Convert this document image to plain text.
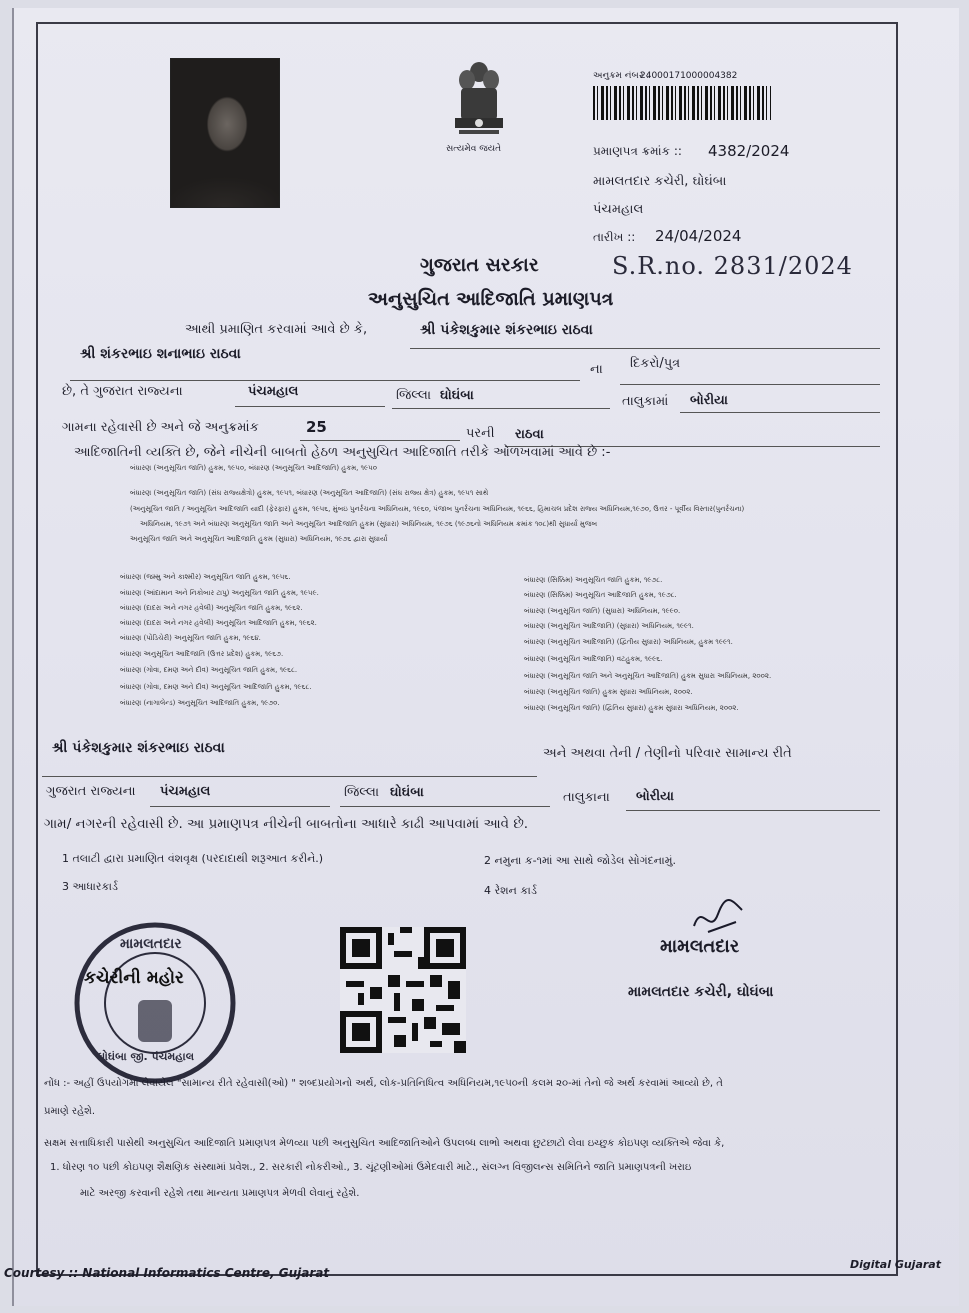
સત્યમેવ જયતે
અનુક્રમ નંબર :
24000171000004382
પ્રમાણપત્ર ક્રમાંક :: 4382/2024
મામલતદાર કચેરી, ઘોઘંબા
પંચમહાલ
તારીખ :: 24/04/2024
ગુજરાત સરકાર	S.R.no. 2831/2024
અનુસુચિત આદિજાતિ પ્રમાણપત્ર
આથી પ્રમાણિત કરવામાં આવે છે કે,	શ્રી પંકેશકુમાર શંકરભાઇ રાઠવા
શ્રી શંકરભાઇ શનાભાઇ રાઠવા
ના દિકરો/પુત્ર
છે, તે ગુજરાત રાજ્યના	પંચમહાલ	જિલ્લા ઘોઘંબા	તાલુકામાં બોરીયા
ગામના રહેવાસી છે અને જે અનુક્રમાંક	25	પરની રાઠવા
આદિજાતિની વ્યક્તિ છે, જેને નીચેની બાબતો હેઠળ અનુસુચિત આદિજાતિ તરીકે ઓળખવામાં આવે છે :-
બંધારણ (અનુસૂચિત જાતિ) હુકમ, ૧૯૫૦, બંધારણ (અનુસૂચિત આદિજાતિ) હુકમ, ૧૯૫૦
બંધારણ (અનુસૂચિત જાતિ) (સંઘ રાજ્યક્ષેત્રો) હુકમ, ૧૯૫૧, બંધારણ (અનુસૂચિત આદિજાતિ) (સંઘ રાજ્ય ક્ષેત્ર) હુકમ, ૧૯૫૧ સાથે
(અનુસૂચિત જાતિ / અનુસૂચિત આદિજાતિ યાદી (ફેરફાર) હુકમ, ૧૯૫૬, મુંબઇ પુનર્રચના અધિનિયમ, ૧૯૬૦, પંજાબ પુનર્રચના અધિનિયમ, ૧૯૬૬, હિમાચલ પ્રદેશ રાજ્ય અધિનિયમ,૧૯૭૦, ઉત્તર - પૂર્વીય વિસ્તાર(પુનર્રચના)
અધિનિયમ, ૧૯૭૧ અને બંધારણ અનુસૂચિત જાતિ અને અનુસૂચિત આદિજાતિ હુકમ (સુધારા) અધિનિયમ, ૧૯૭૬ (૧૯૭૬નો અધિનિયમ ક્રમાંક ૧૦૮)થી સુધાર્યા મુજબ
અનુસૂચિત જાતિ અને અનુસૂચિત આદિજાતિ હુકમ (સુધારા) અધિનિયમ, ૧૯૭૬ દ્વારા સુધાર્યા
બંધારણ (જમ્મુ અને કાશ્મીર) અનુસૂચિત જાતિ હુકમ, ૧૯૫૬.
બંધારણ (આંદામાન અને નિકોબાર ટાપુ) અનુસૂચિત જાતિ હુકમ, ૧૯૫૯.
બંધારણ (દાદરા અને નગર હવેલી) અનુસૂચિત જાતિ હુકમ, ૧૯૬૨.
બંધારણ (દાદરા અને નગર હવેલી) અનુસૂચિત આદિજાતિ હુકમ, ૧૯૬૨.
બંધારણ (પોંડિચેરી) અનુસૂચિત જાતિ હુકમ, ૧૯૬૪.
બંધારણ અનુસૂચિત આદિજાતિ (ઉત્તર પ્રદેશ) હુકમ, ૧૯૬૭.
બંધારણ (ગોવા, દમણ અને દીવ) અનુસૂચિત જાતિ હુકમ, ૧૯૬૮.
બંધારણ (ગોવા, દમણ અને દીવ) અનુસૂચિત આદિજાતિ હુકમ, ૧૯૬૮.
બંધારણ (નાગાલેન્ડ) અનુસૂચિત આદિજાતિ હુકમ, ૧૯૭૦.
બંધારણ (સિક્કિમ) અનુસૂચિત જાતિ હુકમ, ૧૯૭૮.
બંધારણ (સિક્કિમ) અનુસૂચિત આદિજાતિ હુકમ, ૧૯૭૮.
બંધારણ (અનુસૂચિત જાતિ) (સુધારા) અધિનિયમ, ૧૯૯૦.
બંધારણ (અનુસૂચિત આદિજાતિ) (સુધારા) અધિનિયમ, ૧૯૯૧.
બંધારણ (અનુસૂચિત આદિજાતિ) (દ્વિતીય સુધારા) અધિનિયમ, હુકમ ૧૯૯૧.
બંધારણ (અનુસૂચિત આદિજાતિ) વટહુકમ, ૧૯૯૬.
બંધારણ (અનુસૂચિત જાતિ અને અનુસૂચિત આદિજાતિ) હુકમ સુધારા અધિનિયમ, ૨૦૦૨.
બંધારણ (અનુસૂચિત જાતિ) હુકમ સુધારા અધિનિયમ, ૨૦૦૨.
બંધારણ (અનુસૂચિત જાતિ) (દ્વિતિય સુધારા) હુકમ સુધારા અધિનિયમ, ૨૦૦૨.
શ્રી પંકેશકુમાર શંકરભાઇ રાઠવા	અને અથવા તેની / તેણીનો પરિવાર સામાન્ય રીતે
ગુજરાત રાજ્યના પંચમહાલ	જિલ્લા ઘોઘંબા	તાલુકાના બોરીયા
ગામ/ નગરની રહેવાસી છે. આ પ્રમાણપત્ર નીચેની બાબતોના આધારે કાઢી આપવામાં આવે છે.
1 તલાટી દ્વારા પ્રમાણિત વંશવૃક્ષ (પરદાદાથી શરૂઆત કરીને.)	2 નમુના ક-૧માં આ સાથે જોડેલ સોગંદનામું.
3 આધારકાર્ડ	4 રેશન કાર્ડ
મામલતદાર
કચેરીની મહોર
ઘોઘંબા જી. પંચમહાલ
મામલતદાર
મામલતદાર કચેરી, ઘોઘંબા
નોંધ :- અહીં ઉપયોગમાં લેવાયેલ "સામાન્ય રીતે રહેવાસી(ઓ) " શબ્દપ્રયોગનો અર્થ, લોક-પ્રતિનિધિત્વ અધિનિયમ,૧૯૫૦ની કલમ ૨૦-માં તેનો જે અર્થ કરવામાં આવ્યો છે, તે
પ્રમાણે રહેશે.
સક્ષમ સત્તાધિકારી પાસેથી અનુસુચિત આદિજાતિ પ્રમાણપત્ર મેળવ્યા પછી અનુસુચિત આદિજાતિઓને ઉપલબ્ધ લાભો અથવા છુટછાટો લેવા ઇચ્છુક કોઇપણ વ્યક્તિએ જેવા કે,
1. ધોરણ ૧૦ પછી કોઇપણ શૈક્ષણિક સંસ્થામાં પ્રવેશ., 2. સરકારી નોકરીઓ., 3. ચૂંટણીઓમાં ઉમેદવારી માટે., સંલગ્ન વિજીલન્સ સમિતિને જાતિ પ્રમાણપત્રની ખરાઇ
માટે અરજી કરવાની રહેશે તથા માન્યતા પ્રમાણપત્ર મેળવી લેવાનું રહેશે.
Courtesy :: National Informatics Centre, Gujarat
Digital Gujarat
